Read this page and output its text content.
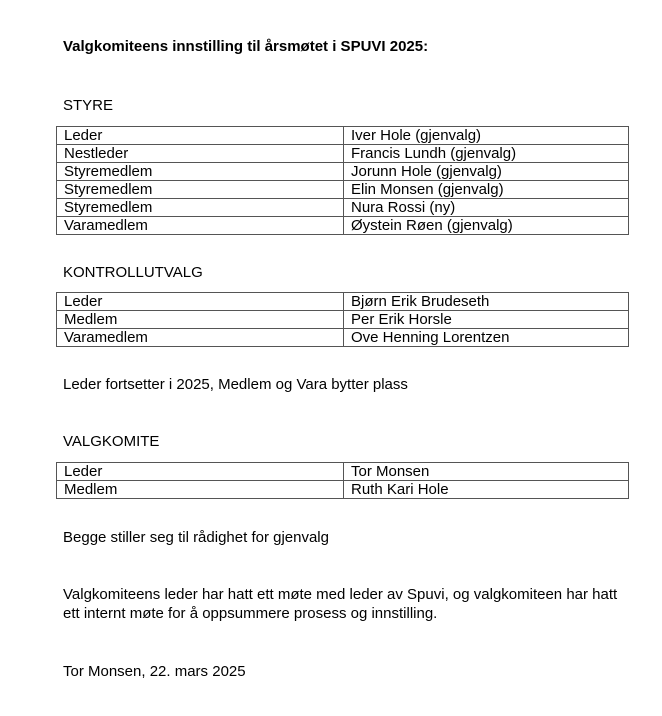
Valgkomiteens innstilling til årsmøtet i SPUVI 2025:

STYRE

Leder	Iver Hole (gjenvalg)
Nestleder	Francis Lundh (gjenvalg)
Styremedlem	Jorunn Hole (gjenvalg)
Styremedlem	Elin Monsen (gjenvalg)
Styremedlem	Nura Rossi (ny)
Varamedlem	Øystein Røen (gjenvalg)

KONTROLLUTVALG

Leder	Bjørn Erik Brudeseth
Medlem	Per Erik Horsle
Varamedlem	Ove Henning Lorentzen

Leder fortsetter i 2025, Medlem og Vara bytter plass

VALGKOMITE

Leder	Tor Monsen
Medlem	Ruth Kari Hole

Begge stiller seg til rådighet for gjenvalg

Valgkomiteens leder har hatt ett møte med leder av Spuvi, og valgkomiteen har hatt

ett internt møte for å oppsummere prosess og innstilling.

Tor Monsen, 22. mars 2025
